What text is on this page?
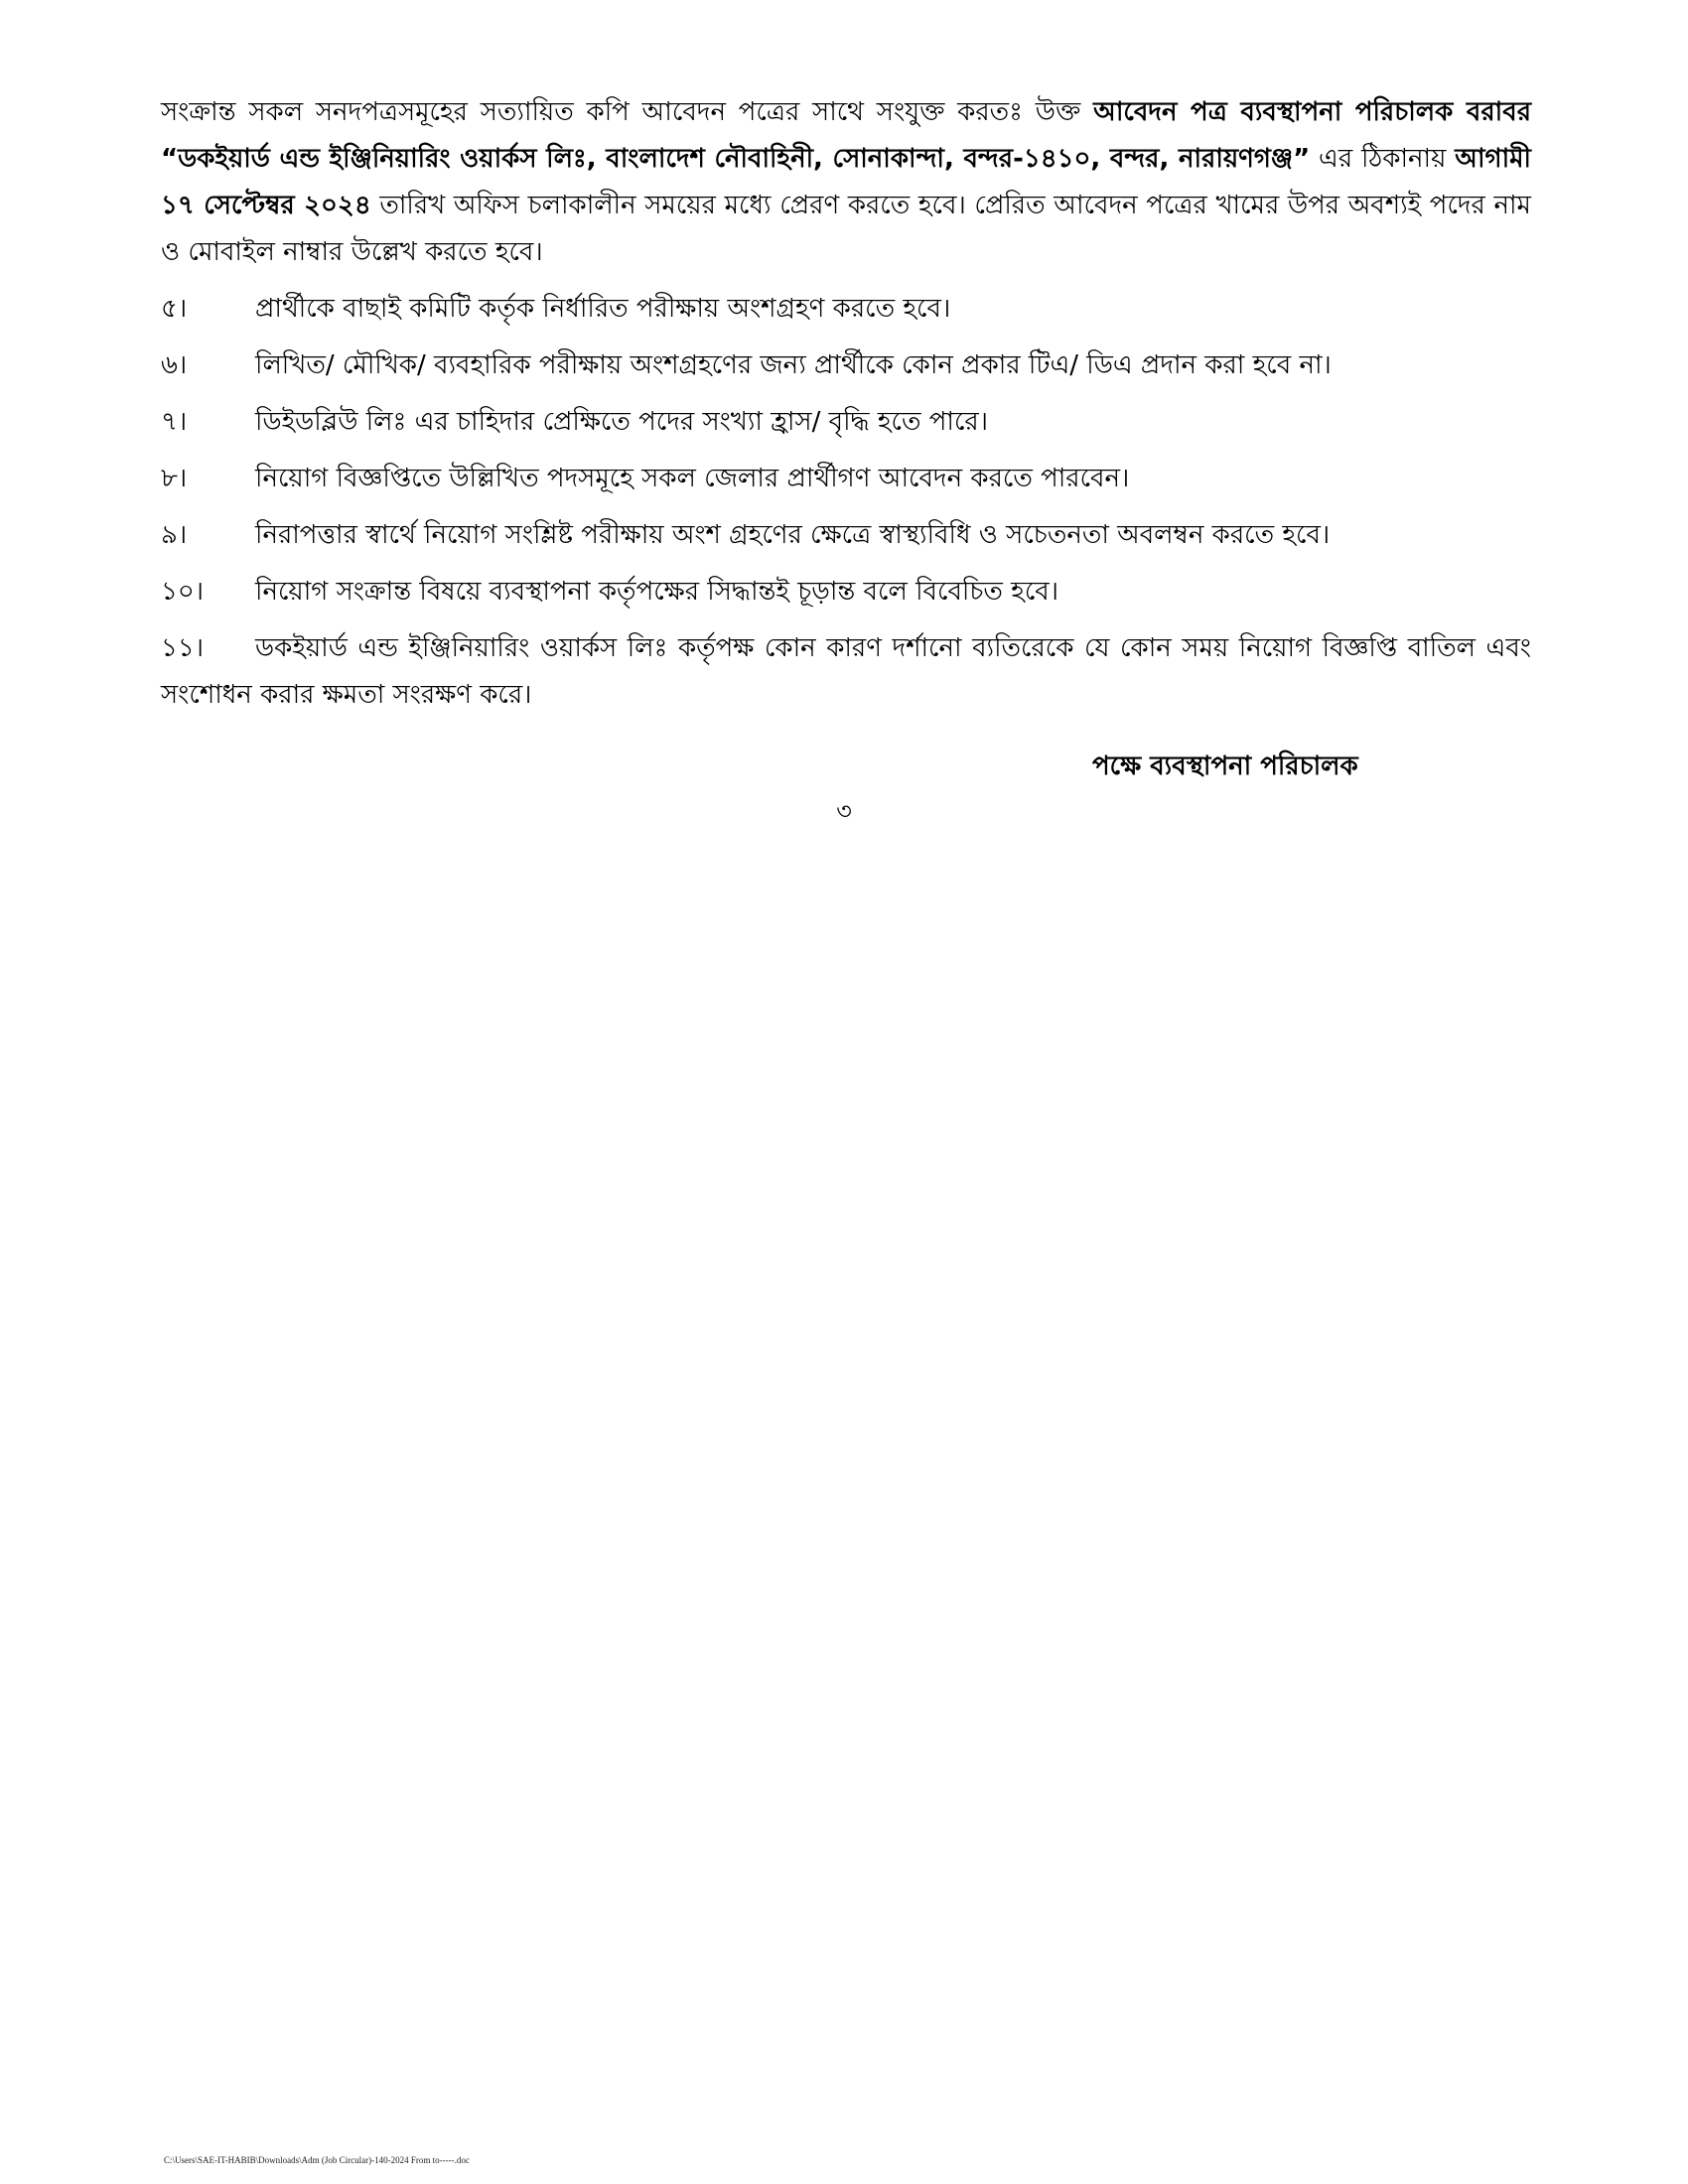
সংক্রান্ত সকল সনদপত্রসমূহের সত্যায়িত কপি আবেদন পত্রের সাথে সংযুক্ত করতঃ উক্ত আবেদন পত্র ব্যবস্থাপনা পরিচালক বরাবর “ডকইয়ার্ড এন্ড ইঞ্জিনিয়ারিং ওয়ার্কস লিঃ, বাংলাদেশ নৌবাহিনী, সোনাকান্দা, বন্দর-১৪১০, বন্দর, নারায়ণগঞ্জ” এর ঠিকানায় আগামী ১৭ সেপ্টেম্বর ২০২৪ তারিখ অফিস চলাকালীন সময়ের মধ্যে প্রেরণ করতে হবে। প্রেরিত আবেদন পত্রের খামের উপর অবশ্যই পদের নাম ও মোবাইল নাম্বার উল্লেখ করতে হবে।

৫।	প্রার্থীকে বাছাই কমিটি কর্তৃক নির্ধারিত পরীক্ষায় অংশগ্রহণ করতে হবে।
৬।	লিখিত/ মৌখিক/ ব্যবহারিক পরীক্ষায় অংশগ্রহণের জন্য প্রার্থীকে কোন প্রকার টিএ/ ডিএ প্রদান করা হবে না।
৭।	ডিইডব্লিউ লিঃ এর চাহিদার প্রেক্ষিতে পদের সংখ্যা হ্রাস/ বৃদ্ধি হতে পারে।
৮।	নিয়োগ বিজ্ঞপ্তিতে উল্লিখিত পদসমূহে সকল জেলার প্রার্থীগণ আবেদন করতে পারবেন।
৯।	নিরাপত্তার স্বার্থে নিয়োগ সংশ্লিষ্ট পরীক্ষায় অংশ গ্রহণের ক্ষেত্রে স্বাস্থ্যবিধি ও সচেতনতা অবলম্বন করতে হবে।
১০।	নিয়োগ সংক্রান্ত বিষয়ে ব্যবস্থাপনা কর্তৃপক্ষের সিদ্ধান্তই চূড়ান্ত বলে বিবেচিত হবে।
১১। ডকইয়ার্ড এন্ড ইঞ্জিনিয়ারিং ওয়ার্কস লিঃ কর্তৃপক্ষ কোন কারণ দর্শানো ব্যতিরেকে যে কোন সময় নিয়োগ বিজ্ঞপ্তি বাতিল এবং সংশোধন করার ক্ষমতা সংরক্ষণ করে।
পক্ষে ব্যবস্থাপনা পরিচালক
৩
C:\Users\SAE-IT-HABIB\Downloads\Adm (Job Circular)-140-2024 From to-----.doc
